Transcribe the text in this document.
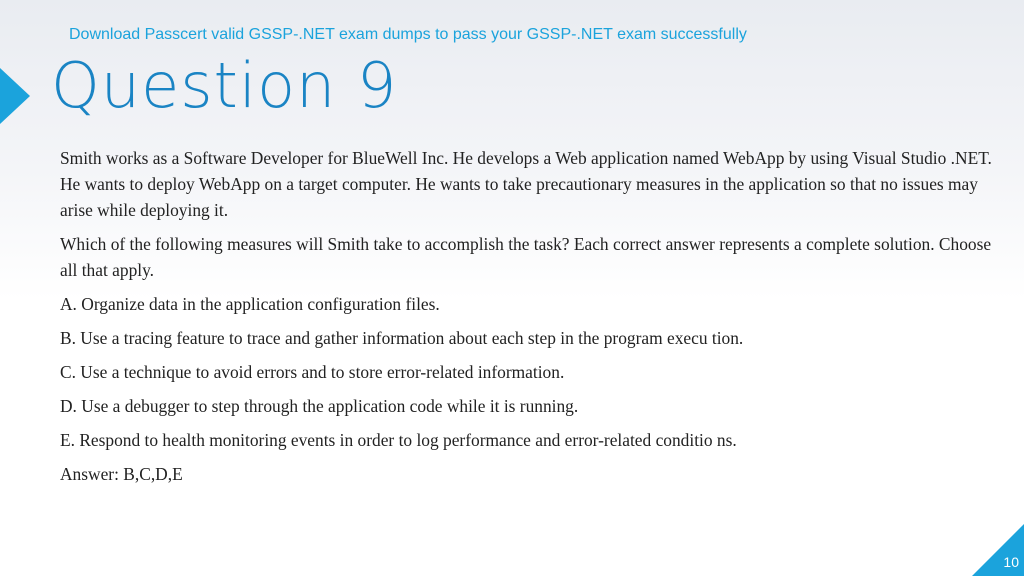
Download Passcert valid GSSP-.NET exam dumps to pass your GSSP-.NET exam successfully
Question 9

Smith works as a Software Developer for BlueWell Inc. He develops a Web application named WebApp by using Visual Studio .NET. He wants to deploy WebApp on a target computer. He wants to take precautionary measures in the application so that no issues may arise while deploying it.

Which of the following measures will Smith take to accomplish the task? Each correct answer represents a complete solution. Choose all that apply.

A. Organize data in the application configuration files.

B. Use a tracing feature to trace and gather information about each step in the program execu tion.

C. Use a technique to avoid errors and to store error-related information.

D. Use a debugger to step through the application code while it is running.

E. Respond to health monitoring events in order to log performance and error-related conditio ns.

Answer: B,C,D,E

10
